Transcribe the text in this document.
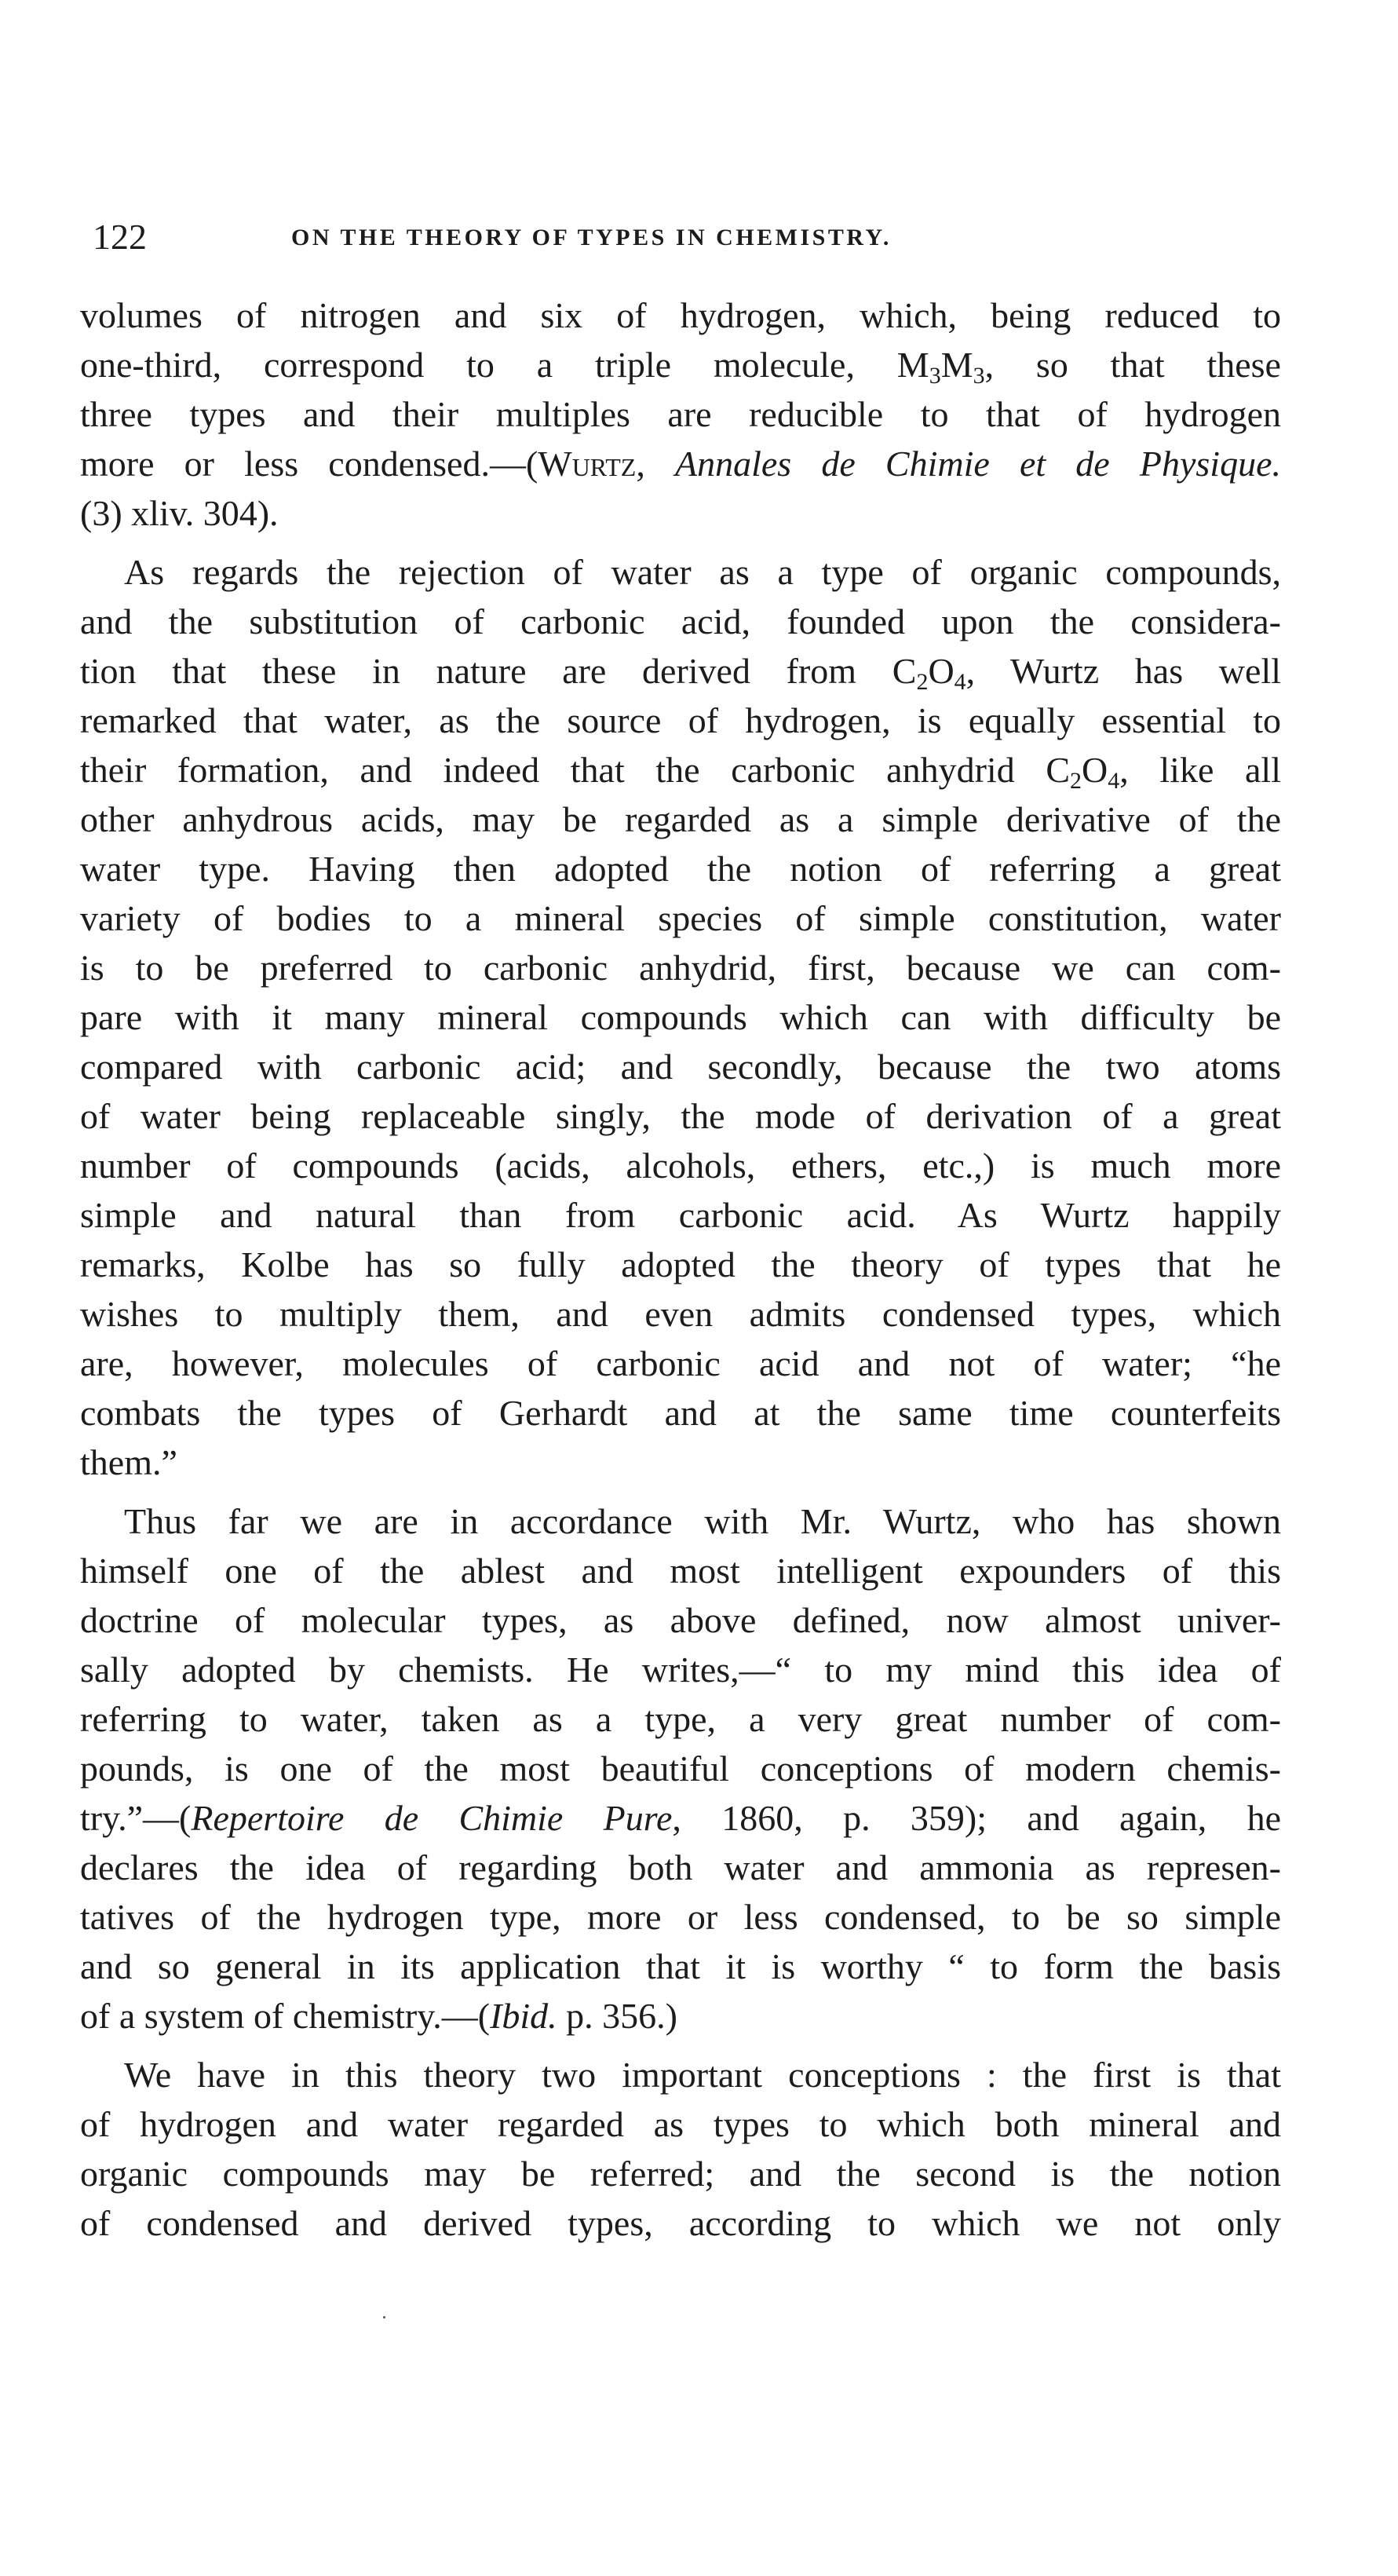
122	ON THE THEORY OF TYPES IN CHEMISTRY.
volumes of nitrogen and six of hydrogen, which, being reduced to
one-third, correspond to a triple molecule, $M_3M_3$, so that these
three types and their multiples are reducible to that of hydrogen
more or less condensed.—(Wurtz, Annales de Chimie et de Physique.
(3) xliv. 304).
As regards the rejection of water as a type of organic compounds,
and the substitution of carbonic acid, founded upon the considera-
tion that these in nature are derived from $C_2O_4$, Wurtz has well
remarked that water, as the source of hydrogen, is equally essential to
their formation, and indeed that the carbonic anhydrid $C_2O_4$, like all
other anhydrous acids, may be regarded as a simple derivative of the
water type. Having then adopted the notion of referring a great
variety of bodies to a mineral species of simple constitution, water
is to be preferred to carbonic anhydrid, first, because we can com-
pare with it many mineral compounds which can with difficulty be
compared with carbonic acid; and secondly, because the two atoms
of water being replaceable singly, the mode of derivation of a great
number of compounds (acids, alcohols, ethers, etc.,) is much more
simple and natural than from carbonic acid. As Wurtz happily
remarks, Kolbe has so fully adopted the theory of types that he
wishes to multiply them, and even admits condensed types, which
are, however, molecules of carbonic acid and not of water; “he
combats the types of Gerhardt and at the same time counterfeits
them.”
Thus far we are in accordance with Mr. Wurtz, who has shown
himself one of the ablest and most intelligent expounders of this
doctrine of molecular types, as above defined, now almost univer-
sally adopted by chemists. He writes,—“ to my mind this idea of
referring to water, taken as a type, a very great number of com-
pounds, is one of the most beautiful conceptions of modern chemis-
try.”—(Repertoire de Chimie Pure, 1860, p. 359); and again, he
declares the idea of regarding both water and ammonia as represen-
tatives of the hydrogen type, more or less condensed, to be so simple
and so general in its application that it is worthy “ to form the basis
of a system of chemistry.—(Ibid. p. 356.)
We have in this theory two important conceptions : the first is that
of hydrogen and water regarded as types to which both mineral and
organic compounds may be referred; and the second is the notion
of condensed and derived types, according to which we not only
